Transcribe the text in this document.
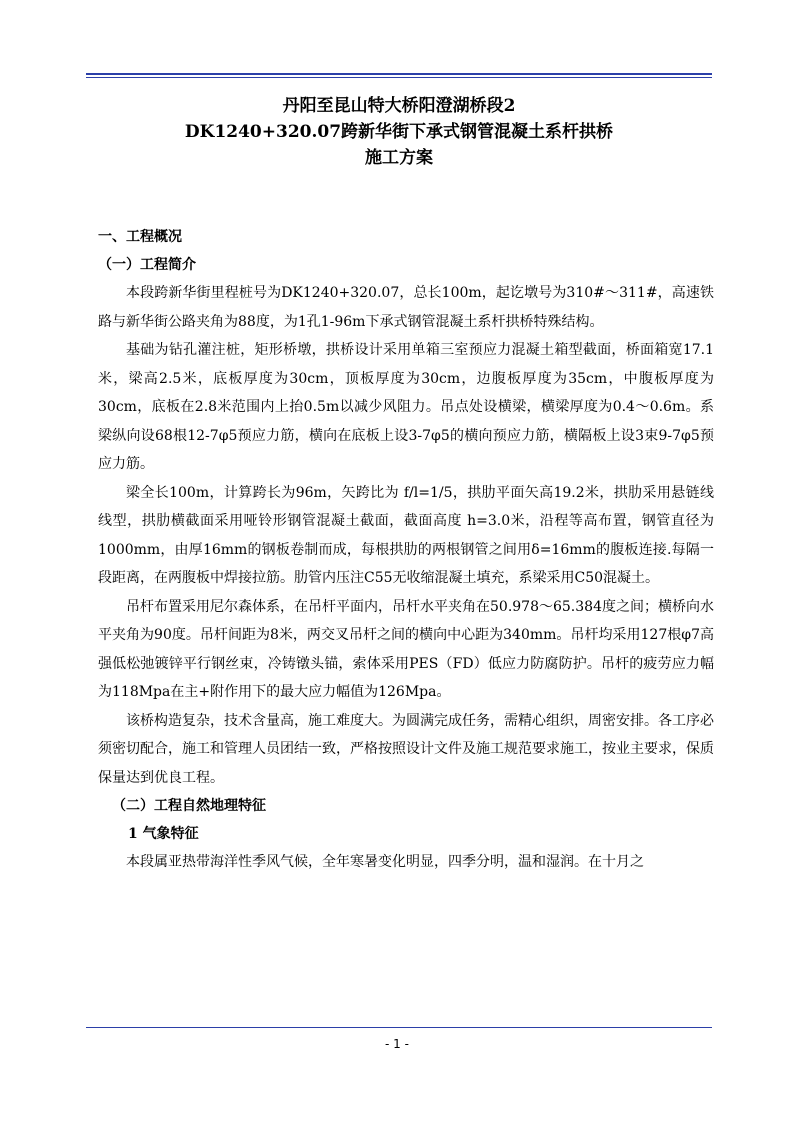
丹阳至昆山特大桥阳澄湖桥段2
DK1240+320.07跨新华街下承式钢管混凝土系杆拱桥
施工方案

一、工程概况

（一）工程简介

本段跨新华街里程桩号为DK1240+320.07，总长100m，起讫墩号为310#～311#，高速铁路与新华街公路夹角为88度，为1孔1-96m下承式钢管混凝土系杆拱桥特殊结构。

基础为钻孔灌注桩，矩形桥墩，拱桥设计采用单箱三室预应力混凝土箱型截面，桥面箱宽17.1米，梁高2.5米，底板厚度为30cm，顶板厚度为30cm，边腹板厚度为35cm，中腹板厚度为30cm，底板在2.8米范围内上抬0.5m以减少风阻力。吊点处设横梁，横梁厚度为0.4～0.6m。系梁纵向设68根12-7φ5预应力筋，横向在底板上设3-7φ5的横向预应力筋，横隔板上设3束9-7φ5预应力筋。

梁全长100m，计算跨长为96m，矢跨比为 f/l=1/5，拱肋平面矢高19.2米，拱肋采用悬链线线型，拱肋横截面采用哑铃形钢管混凝土截面，截面高度 h=3.0米，沿程等高布置，钢管直径为1000mm，由厚16mm的钢板卷制而成，每根拱肋的两根钢管之间用δ=16mm的腹板连接.每隔一段距离，在两腹板中焊接拉筋。肋管内压注C55无收缩混凝土填充，系梁采用C50混凝土。

吊杆布置采用尼尔森体系，在吊杆平面内，吊杆水平夹角在50.978～65.384度之间；横桥向水平夹角为90度。吊杆间距为8米，两交叉吊杆之间的横向中心距为340mm。吊杆均采用127根φ7高强低松弛镀锌平行钢丝束，冷铸镦头锚，索体采用PES（FD）低应力防腐防护。吊杆的疲劳应力幅为118Mpa在主+附作用下的最大应力幅值为126Mpa。

该桥构造复杂，技术含量高，施工难度大。为圆满完成任务，需精心组织，周密安排。各工序必须密切配合，施工和管理人员团结一致，严格按照设计文件及施工规范要求施工，按业主要求，保质保量达到优良工程。

（二）工程自然地理特征

1 气象特征

本段属亚热带海洋性季风气候，全年寒暑变化明显，四季分明，温和湿润。在十月之

- 1 -
